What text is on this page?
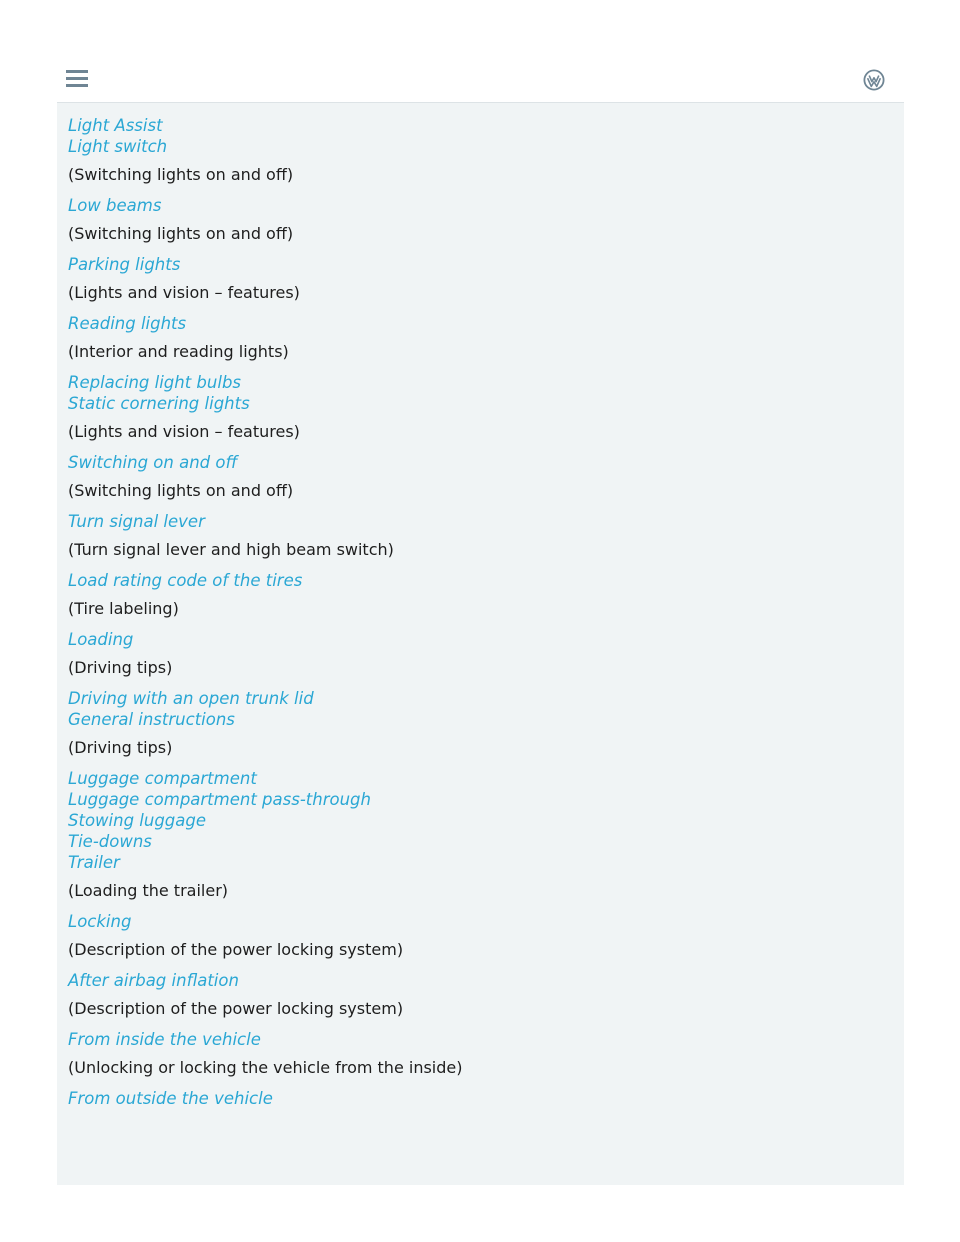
Light Assist
Light switch
(Switching lights on and off)
Low beams
(Switching lights on and off)
Parking lights
(Lights and vision – features)
Reading lights
(Interior and reading lights)
Replacing light bulbs
Static cornering lights
(Lights and vision – features)
Switching on and off
(Switching lights on and off)
Turn signal lever
(Turn signal lever and high beam switch)
Load rating code of the tires
(Tire labeling)
Loading
(Driving tips)
Driving with an open trunk lid
General instructions
(Driving tips)
Luggage compartment
Luggage compartment pass-through
Stowing luggage
Tie-downs
Trailer
(Loading the trailer)
Locking
(Description of the power locking system)
After airbag inflation
(Description of the power locking system)
From inside the vehicle
(Unlocking or locking the vehicle from the inside)
From outside the vehicle
